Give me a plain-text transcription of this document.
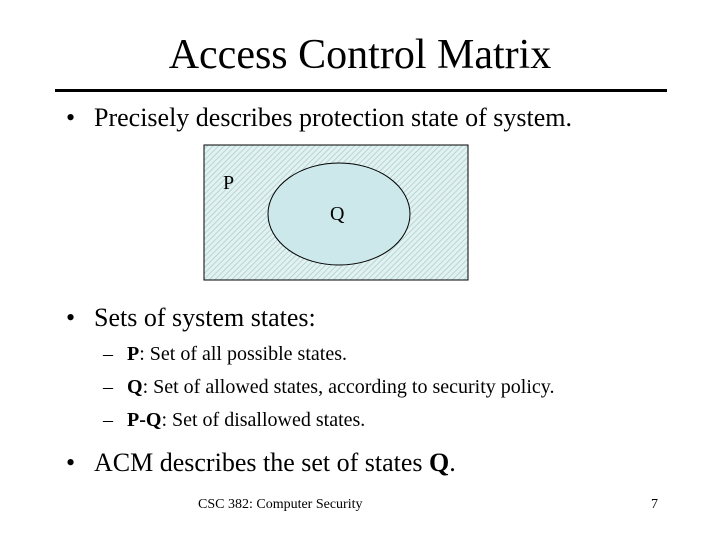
Access Control Matrix
• Precisely describes protection state of system.
P
Q
• Sets of system states:
– P: Set of all possible states.
– Q: Set of allowed states, according to security policy.
– P-Q: Set of disallowed states.
• ACM describes the set of states Q.
CSC 382: Computer Security	7
